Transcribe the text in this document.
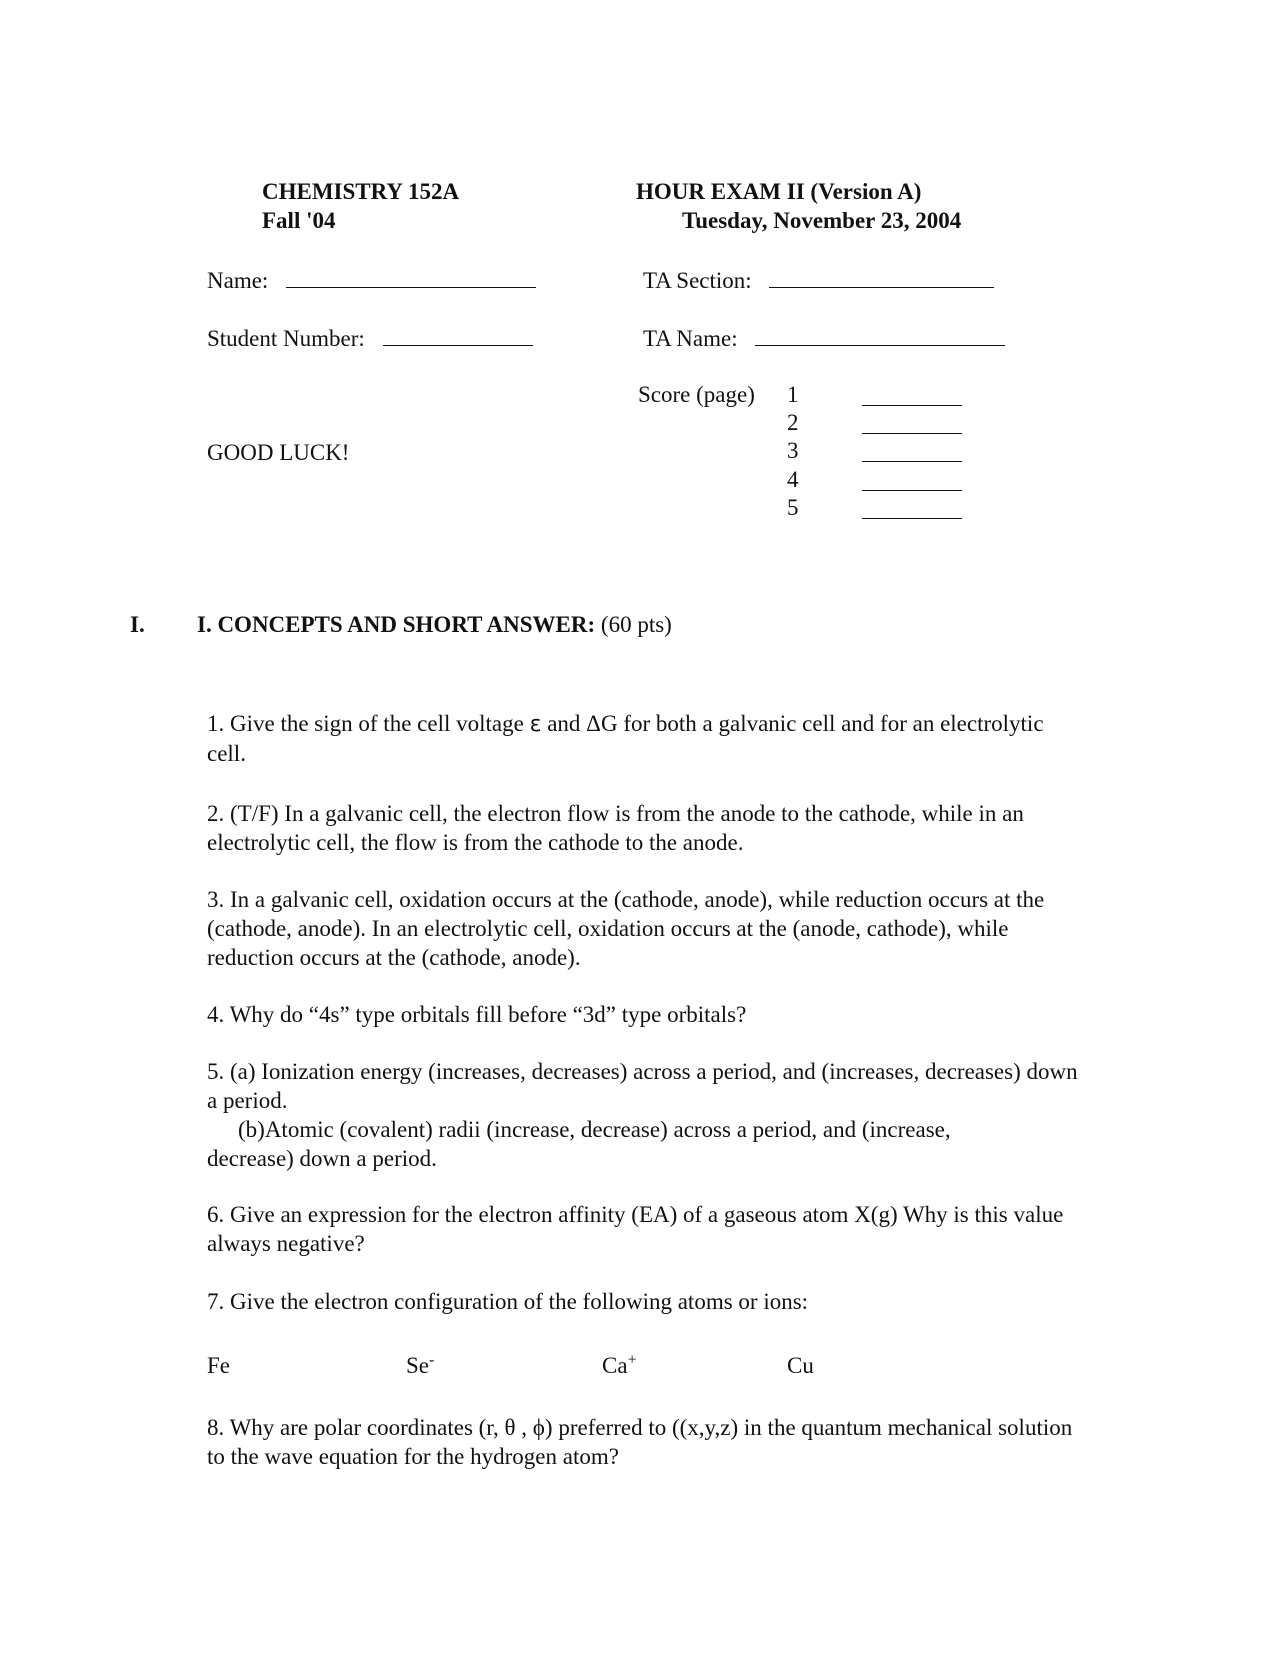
CHEMISTRY 152A
Fall '04
HOUR EXAM II (Version A)
Tuesday, November 23, 2004
Name:	TA Section:
Student Number:	TA Name:
Score (page) 1
2
3
4
5
GOOD LUCK!
I. I. CONCEPTS AND SHORT ANSWER: (60 pts)
1. Give the sign of the cell voltage ε and ΔG for both a galvanic cell and for an electrolytic cell.
2. (T/F) In a galvanic cell, the electron flow is from the anode to the cathode, while in an electrolytic cell, the flow is from the cathode to the anode.
3. In a galvanic cell, oxidation occurs at the (cathode, anode), while reduction occurs at the (cathode, anode). In an electrolytic cell, oxidation occurs at the (anode, cathode), while reduction occurs at the (cathode, anode).
4. Why do “4s” type orbitals fill before “3d” type orbitals?
5. (a) Ionization energy (increases, decreases) across a period, and (increases, decreases) down a period.
(b)Atomic (covalent) radii (increase, decrease) across a period, and (increase,
decrease) down a period.
6. Give an expression for the electron affinity (EA) of a gaseous atom X(g) Why is this value always negative?
7. Give the electron configuration of the following atoms or ions:
Fe	Se-	Ca+	Cu
8. Why are polar coordinates (r, θ , ϕ) preferred to ((x,y,z) in the quantum mechanical solution to the wave equation for the hydrogen atom?
